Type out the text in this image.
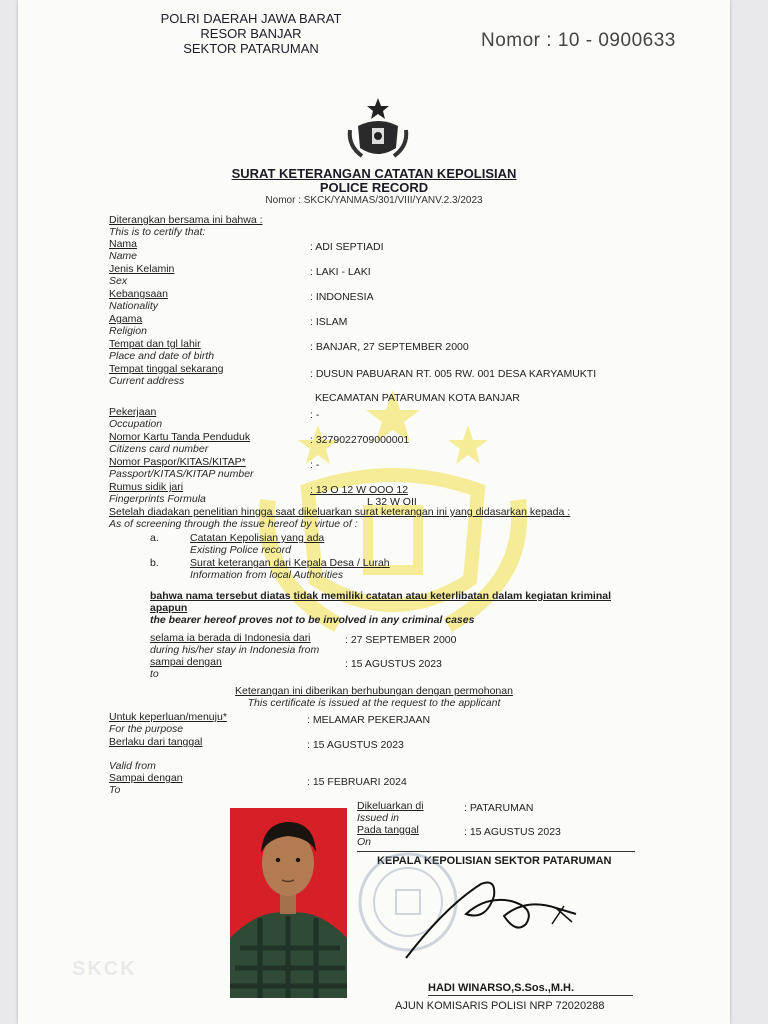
POLRI DAERAH JAWA BARAT
RESOR BANJAR
SEKTOR PATARUMAN	Nomor : 10 - 0900633
SURAT KETERANGAN CATATAN KEPOLISIAN
POLICE RECORD
Nomor : SKCK/YANMAS/301/VIII/YANV.2.3/2023
Diterangkan bersama ini bahwa :
This is to certify that:
Nama
Name
: ADI SEPTIADI
Jenis Kelamin
Sex
: LAKI - LAKI
Kebangsaan
Nationality
: INDONESIA
Agama
Religion
: ISLAM
Tempat dan tgl lahir
Place and date of birth
: BANJAR, 27 SEPTEMBER 2000
Tempat tinggal sekarang
Current address
: DUSUN PABUARAN RT. 005 RW. 001 DESA KARYAMUKTI
KECAMATAN PATARUMAN KOTA BANJAR
Pekerjaan
Occupation
: -
Nomor Kartu Tanda Penduduk
Citizens card number
: 3279022709000001
Nomor Paspor/KITAS/KITAP*
Passport/KITAS/KITAP number
: -
Rumus sidik jari
Fingerprints Formula
: 13 O 12 W OOO 12
L 32 W OII
Setelah diadakan penelitian hingga saat dikeluarkan surat keterangan ini yang didasarkan kepada :
As of screening through the issue hereof by virtue of :
a.	Catatan Kepolisian yang ada
Existing Police record
b.	Surat keterangan dari Kepala Desa / Lurah
Information from local Authorities
bahwa nama tersebut diatas tidak memiliki catatan atau keterlibatan dalam kegiatan kriminal
apapun
the bearer hereof proves not to be involved in any criminal cases
selama ia berada di Indonesia dari
during his/her stay in Indonesia from
: 27 SEPTEMBER 2000
sampai dengan
to
: 15 AGUSTUS 2023
Keterangan ini diberikan berhubungan dengan permohonan
This certificate is issued at the request to the applicant
Untuk keperluan/menuju*
For the purpose
: MELAMAR PEKERJAAN
Berlaku dari tanggal	: 15 AGUSTUS 2023
Valid from
Sampai dengan
To
: 15 FEBRUARI 2024
SKCK
Dikeluarkan di
Issued in
: PATARUMAN
Pada tanggal
On
: 15 AGUSTUS 2023
KEPALA KEPOLISIAN SEKTOR PATARUMAN
HADI WINARSO,S.Sos.,M.H.
AJUN KOMISARIS POLISI NRP 72020288
